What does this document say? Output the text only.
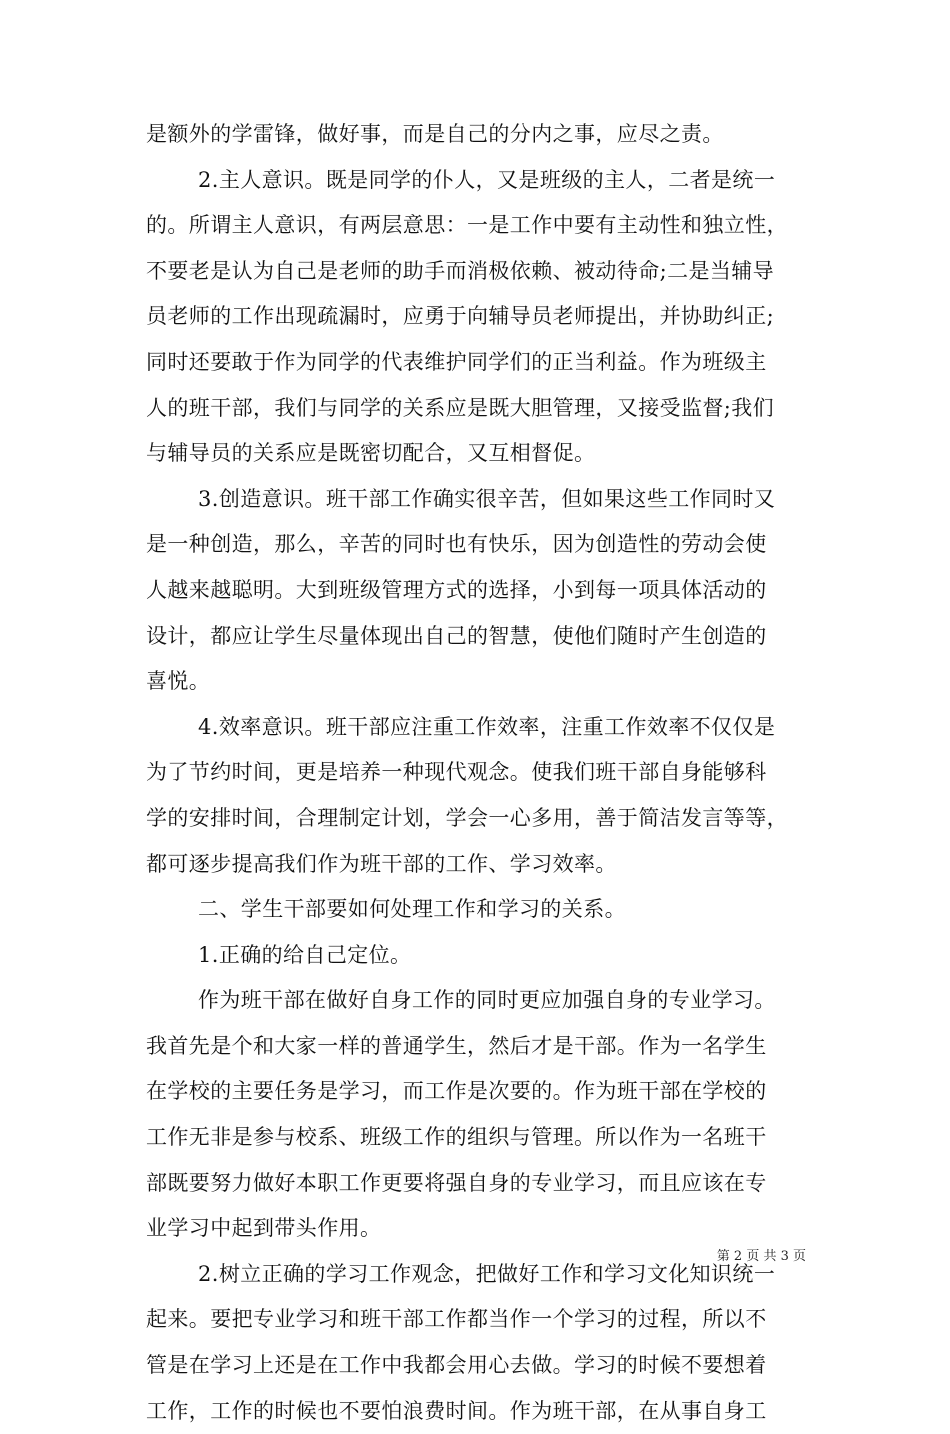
是额外的学雷锋，做好事，而是自己的分内之事，应尽之责。
2.主人意识。既是同学的仆人，又是班级的主人，二者是统一
的。所谓主人意识，有两层意思：一是工作中要有主动性和独立性，
不要老是认为自己是老师的助手而消极依赖、被动待命;二是当辅导
员老师的工作出现疏漏时，应勇于向辅导员老师提出，并协助纠正;
同时还要敢于作为同学的代表维护同学们的正当利益。作为班级主
人的班干部，我们与同学的关系应是既大胆管理，又接受监督;我们
与辅导员的关系应是既密切配合，又互相督促。
3.创造意识。班干部工作确实很辛苦，但如果这些工作同时又
是一种创造，那么，辛苦的同时也有快乐，因为创造性的劳动会使
人越来越聪明。大到班级管理方式的选择，小到每一项具体活动的
设计，都应让学生尽量体现出自己的智慧，使他们随时产生创造的
喜悦。
4.效率意识。班干部应注重工作效率，注重工作效率不仅仅是
为了节约时间，更是培养一种现代观念。使我们班干部自身能够科
学的安排时间，合理制定计划，学会一心多用，善于简洁发言等等，
都可逐步提高我们作为班干部的工作、学习效率。
二、学生干部要如何处理工作和学习的关系。
1.正确的给自己定位。
作为班干部在做好自身工作的同时更应加强自身的专业学习。
我首先是个和大家一样的普通学生，然后才是干部。作为一名学生
在学校的主要任务是学习，而工作是次要的。作为班干部在学校的
工作无非是参与校系、班级工作的组织与管理。所以作为一名班干
部既要努力做好本职工作更要将强自身的专业学习，而且应该在专
业学习中起到带头作用。
2.树立正确的学习工作观念，把做好工作和学习文化知识统一
起来。要把专业学习和班干部工作都当作一个学习的过程，所以不
管是在学习上还是在工作中我都会用心去做。学习的时候不要想着
工作，工作的时候也不要怕浪费时间。作为班干部，在从事自身工
第 2 页 共 3 页
